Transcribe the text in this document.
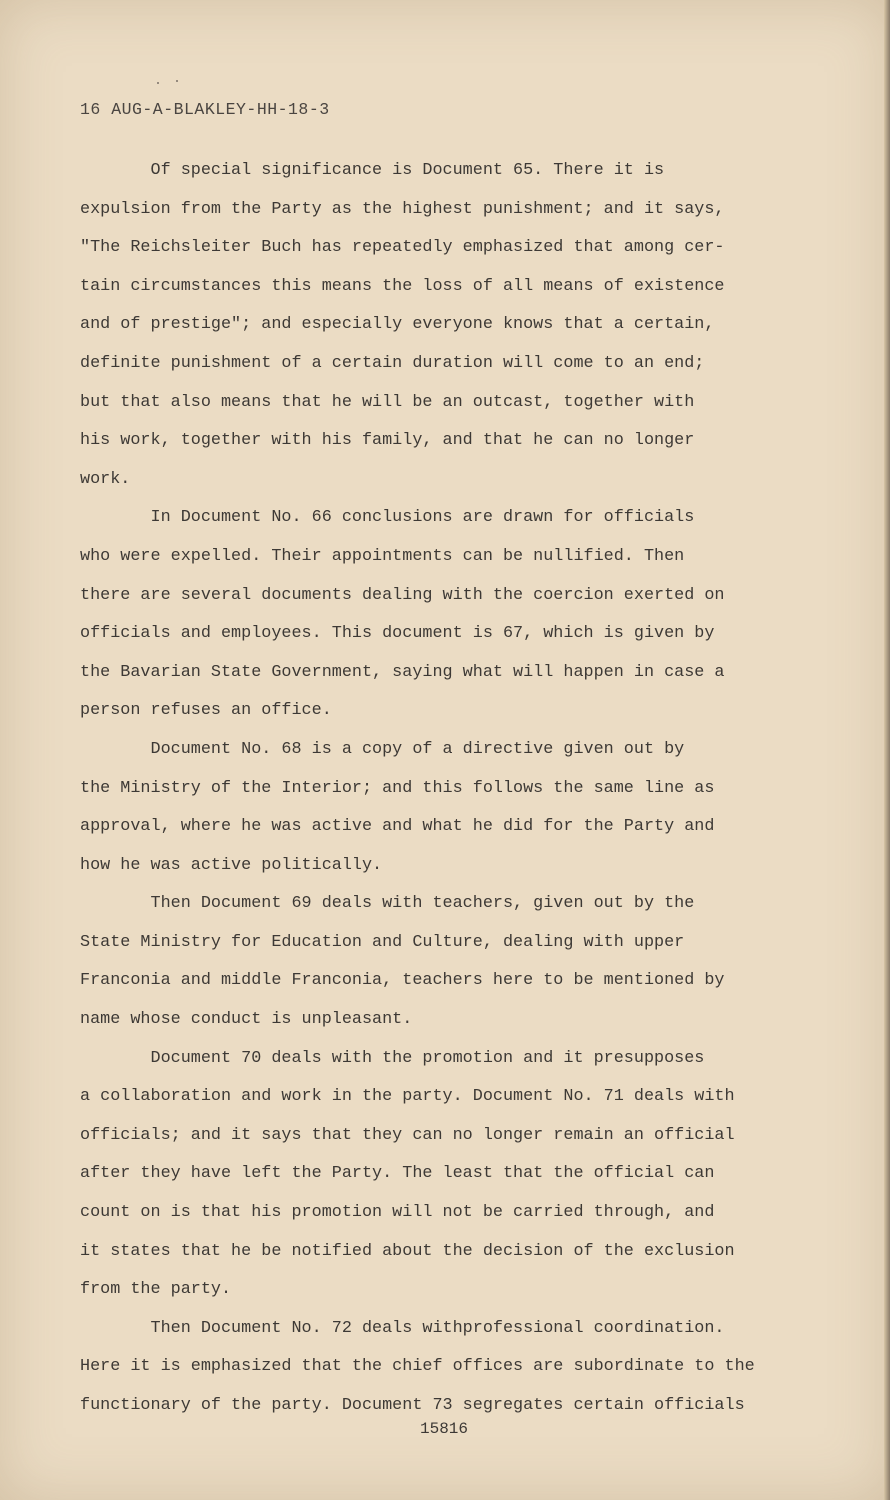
16 AUG-A-BLAKLEY-HH-18-3
Of special significance is Document 65. There it is
expulsion from the Party as the highest punishment; and it says,
"The Reichsleiter Buch has repeatedly emphasized that among cer-
tain circumstances this means the loss of all means of existence
and of prestige"; and especially everyone knows that a certain,
definite punishment of a certain duration will come to an end;
but that also means that he will be an outcast, together with
his work, together with his family, and that he can no longer
work.
In Document No. 66 conclusions are drawn for officials
who were expelled. Their appointments can be nullified. Then
there are several documents dealing with the coercion exerted on
officials and employees. This document is 67, which is given by
the Bavarian State Government, saying what will happen in case a
person refuses an office.
Document No. 68 is a copy of a directive given out by
the Ministry of the Interior; and this follows the same line as
approval, where he was active and what he did for the Party and
how he was active politically.
Then Document 69 deals with teachers, given out by the
State Ministry for Education and Culture, dealing with upper
Franconia and middle Franconia, teachers here to be mentioned by
name whose conduct is unpleasant.
Document 70 deals with the promotion and it presupposes
a collaboration and work in the party. Document No. 71 deals with
officials; and it says that they can no longer remain an official
after they have left the Party. The least that the official can
count on is that his promotion will not be carried through, and
it states that he be notified about the decision of the exclusion
from the party.
Then Document No. 72 deals withprofessional coordination.
Here it is emphasized that the chief offices are subordinate to the
functionary of the party. Document 73 segregates certain officials
15816
